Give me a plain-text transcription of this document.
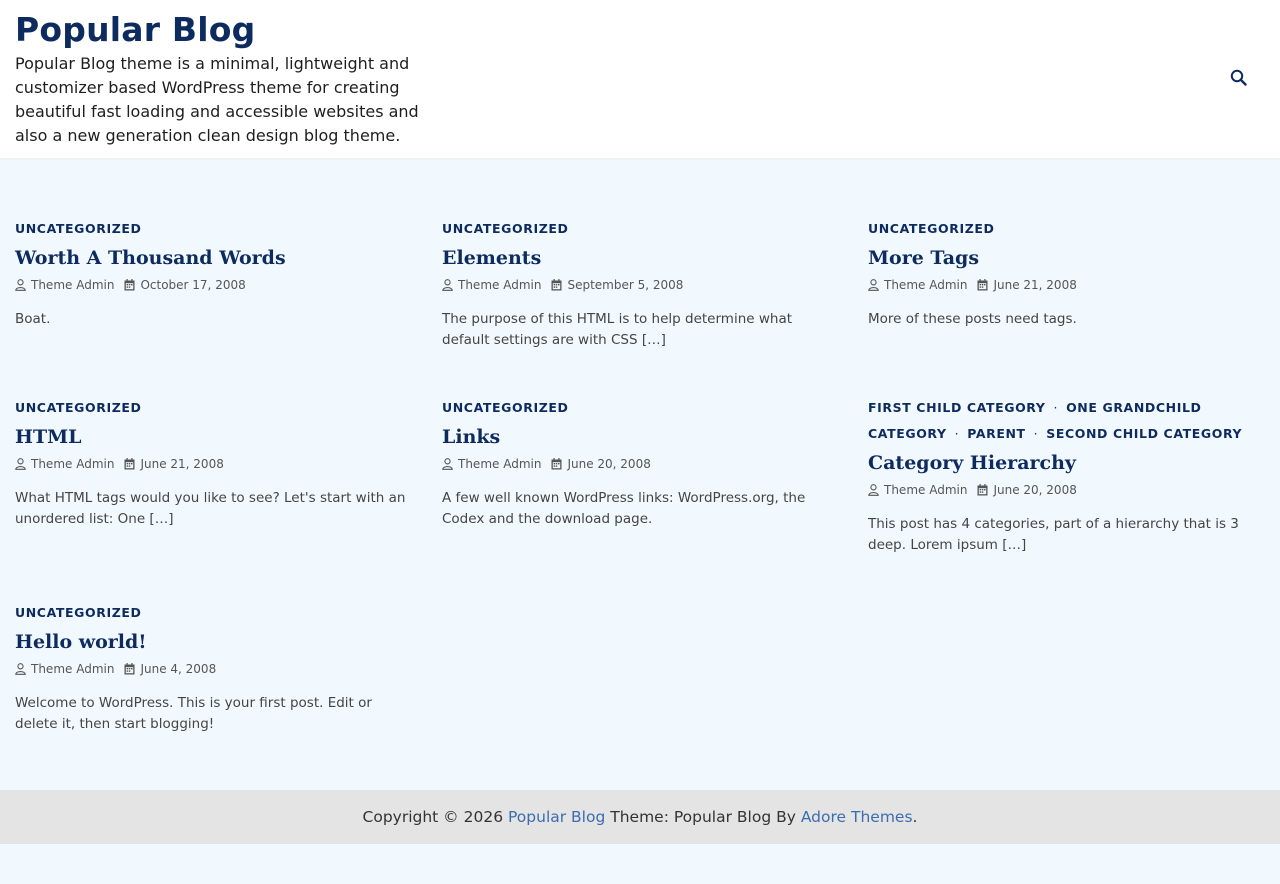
Popular Blog

Popular Blog theme is a minimal, lightweight and customizer based WordPress theme for creating beautiful fast loading and accessible websites and also a new generation clean design blog theme.

UNCATEGORIZED
Worth A Thousand Words
Theme Admin October 17, 2008

Boat.

UNCATEGORIZED
Elements
Theme Admin September 5, 2008

The purpose of this HTML is to help determine what default settings are with CSS […]

UNCATEGORIZED
More Tags
Theme Admin June 21, 2008

More of these posts need tags.

UNCATEGORIZED
HTML
Theme Admin June 21, 2008

What HTML tags would you like to see? Let's start with an unordered list: One […]

UNCATEGORIZED
Links
Theme Admin June 20, 2008

A few well known WordPress links: WordPress.org, the Codex and the download page.

FIRST CHILD CATEGORY · ONE GRANDCHILD CATEGORY · PARENT · SECOND CHILD CATEGORY
Category Hierarchy
Theme Admin June 20, 2008

This post has 4 categories, part of a hierarchy that is 3 deep. Lorem ipsum […]

UNCATEGORIZED
Hello world!
Theme Admin June 4, 2008

Welcome to WordPress. This is your first post. Edit or delete it, then start blogging!

Copyright © 2026 Popular Blog Theme: Popular Blog By Adore Themes.
